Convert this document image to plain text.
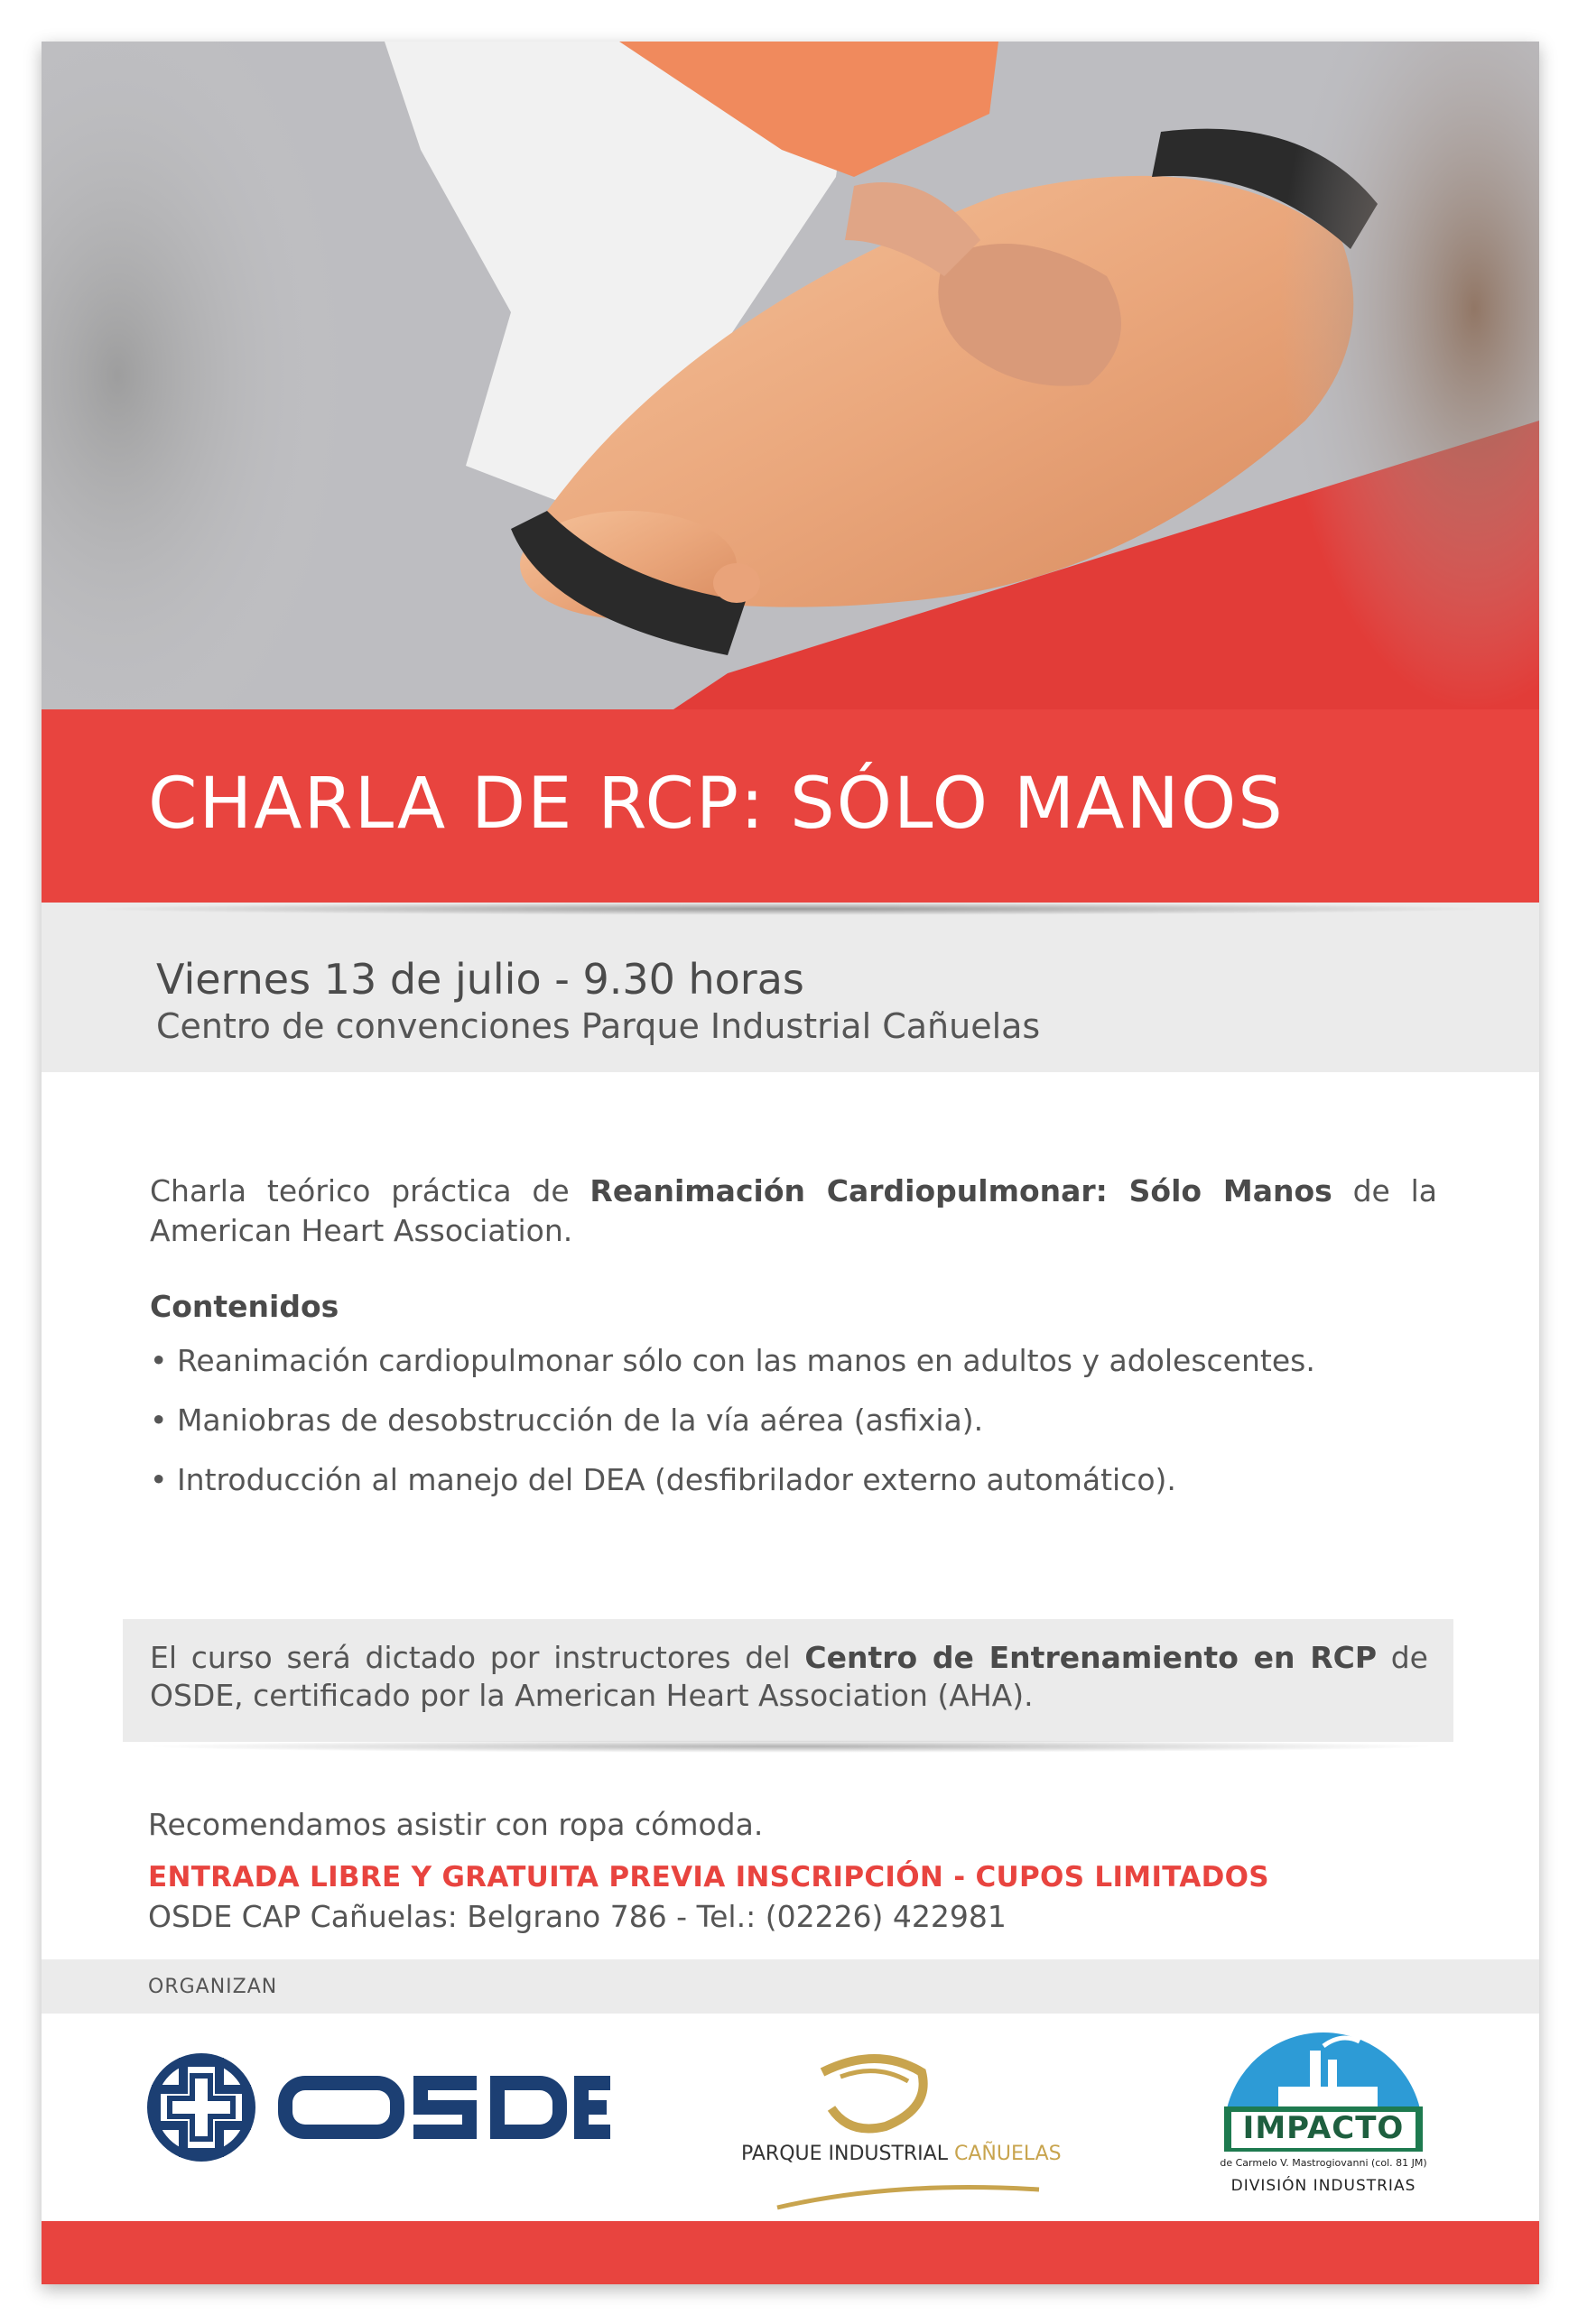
CHARLA DE RCP: SÓLO MANOS
Viernes 13 de julio - 9.30 horas
Centro de convenciones Parque Industrial Cañuelas

Charla teórico práctica de Reanimación Cardiopulmonar: Sólo Manos de la American Heart Association.

Contenidos
• Reanimación cardiopulmonar sólo con las manos en adultos y adolescentes.
• Maniobras de desobstrucción de la vía aérea (asfixia).
• Introducción al manejo del DEA (desfibrilador externo automático).

El curso será dictado por instructores del Centro de Entrenamiento en RCP de OSDE, certificado por la American Heart Association (AHA).

Recomendamos asistir con ropa cómoda.
ENTRADA LIBRE Y GRATUITA PREVIA INSCRIPCIÓN - CUPOS LIMITADOS
OSDE CAP Cañuelas: Belgrano 786 - Tel.: (02226) 422981
ORGANIZAN
PARQUE INDUSTRIAL CAÑUELAS
IMPACTO
de Carmelo V. Mastrogiovanni (col. 81 JM)
DIVISIÓN INDUSTRIAS
